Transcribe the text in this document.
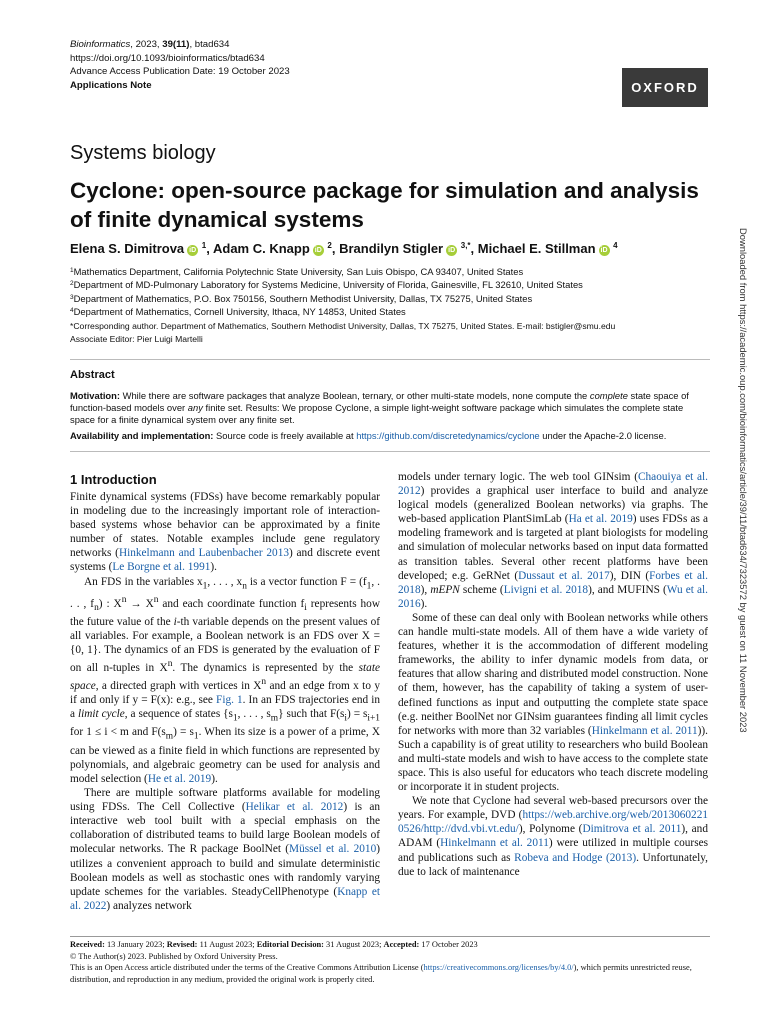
Bioinformatics, 2023, 39(11), btad634
https://doi.org/10.1093/bioinformatics/btad634
Advance Access Publication Date: 19 October 2023
Applications Note	OXFORD
Systems biology
Cyclone: open-source package for simulation and analysis of finite dynamical systems
Elena S. Dimitrova iD $^1$, Adam C. Knapp iD $^2$, Brandilyn Stigler iD $^{3,*}$, Michael E. Stillman iD $^4$
$^1$Mathematics Department, California Polytechnic State University, San Luis Obispo, CA 93407, United States
$^2$Department of MD-Pulmonary Laboratory for Systems Medicine, University of Florida, Gainesville, FL 32610, United States
$^3$Department of Mathematics, P.O. Box 750156, Southern Methodist University, Dallas, TX 75275, United States
$^4$Department of Mathematics, Cornell University, Ithaca, NY 14853, United States
*Corresponding author. Department of Mathematics, Southern Methodist University, Dallas, TX 75275, United States. E-mail: bstigler@smu.edu
Associate Editor: Pier Luigi Martelli
Abstract

Motivation: While there are software packages that analyze Boolean, ternary, or other multi-state models, none compute the complete state space of function-based models over any finite set. Results: We propose Cyclone, a simple light-weight software package which simulates the complete state space for a finite dynamical system over any finite set.

Availability and implementation: Source code is freely available at https://github.com/discretedynamics/cyclone under the Apache-2.0 license.

1 Introduction

Finite dynamical systems (FDSs) have become remarkably popular in modeling due to the increasingly important role of interaction-based systems whose behavior can be approximated by a finite number of states. Notable examples include gene regulatory networks (Hinkelmann and Laubenbacher 2013) and discrete event systems (Le Borgne et al. 1991).

An FDS in the variables $x_1$, . . . , $x_n$ is a vector function $F = (f_1$, . . . , $f_n$) : $X^n \to X^n$ and each coordinate function $f_i$ represents how the future value of the i-th variable depends on the present values of all variables. For example, a Boolean network is an FDS over X = {0, 1}. The dynamics of an FDS is generated by the evaluation of F on all n-tuples in $X^n$. The dynamics is represented by the state space, a directed graph with vertices in $X^n$ and an edge from x to y if and only if y = F(x): e.g., see Fig. 1. In an FDS trajectories end in a limit cycle, a sequence of states {$s_1$, . . . , $s_m$} such that $F(s_i) = s_{i+1}$ for 1 ≤ i < m and $F(s_m) = s_1$. When its size is a power of a prime, X can be viewed as a finite field in which functions are represented by polynomials, and algebraic geometry can be used for analysis and model selection (He et al. 2019).

There are multiple software platforms available for modeling using FDSs. The Cell Collective (Helikar et al. 2012) is an interactive web tool built with a special emphasis on the collaboration of distributed teams to build large Boolean models of molecular networks. The R package BoolNet (Müssel et al. 2010) utilizes a convenient approach to build and simulate deterministic Boolean models as well as stochastic ones with randomly varying update schemes for the variables. SteadyCellPhenotype (Knapp et al. 2022) analyzes network

models under ternary logic. The web tool GINsim (Chaouiya et al. 2012) provides a graphical user interface to build and analyze logical models (generalized Boolean networks) via graphs. The web-based application PlantSimLab (Ha et al. 2019) uses FDSs as a modeling framework and is targeted at plant biologists for modeling and simulation of molecular networks based on input data formatted as transition tables. Several other recent platforms have been developed; e.g. GeRNet (Dussaut et al. 2017), DIN (Forbes et al. 2018), mEPN scheme (Livigni et al. 2018), and MUFINS (Wu et al. 2016).

Some of these can deal only with Boolean networks while others can handle multi-state models. All of them have a wide variety of features, whether it is the accommodation of different modeling frameworks, the ability to infer dynamic models from data, or features that allow sharing and distributed model construction. None of them, however, has the capability of taking a system of user-defined functions as input and outputting the complete state space (e.g. neither BoolNet nor GINsim guarantees finding all limit cycles for networks with more than 32 variables (Hinkelmann et al. 2011)). Such a capability is of great utility to researchers who build Boolean and multi-state models and wish to have access to the complete state space. This is also useful for educators who teach discrete modeling or incorporate it in student projects.

We note that Cyclone had several web-based precursors over the years. For example, DVD (https://web.archive.org/web/20130602210526/http://dvd.vbi.vt.edu/), Polynome (Dimitrova et al. 2011), and ADAM (Hinkelmann et al. 2011) were utilized in multiple courses and publications such as Robeva and Hodge (2013). Unfortunately, due to lack of maintenance

Received: 13 January 2023; Revised: 11 August 2023; Editorial Decision: 31 August 2023; Accepted: 17 October 2023
© The Author(s) 2023. Published by Oxford University Press.
This is an Open Access article distributed under the terms of the Creative Commons Attribution License (https://creativecommons.org/licenses/by/4.0/), which permits unrestricted reuse, distribution, and reproduction in any medium, provided the original work is properly cited.
Downloaded from https://academic.oup.com/bioinformatics/article/39/11/btad634/7323572 by guest on 11 November 2023
